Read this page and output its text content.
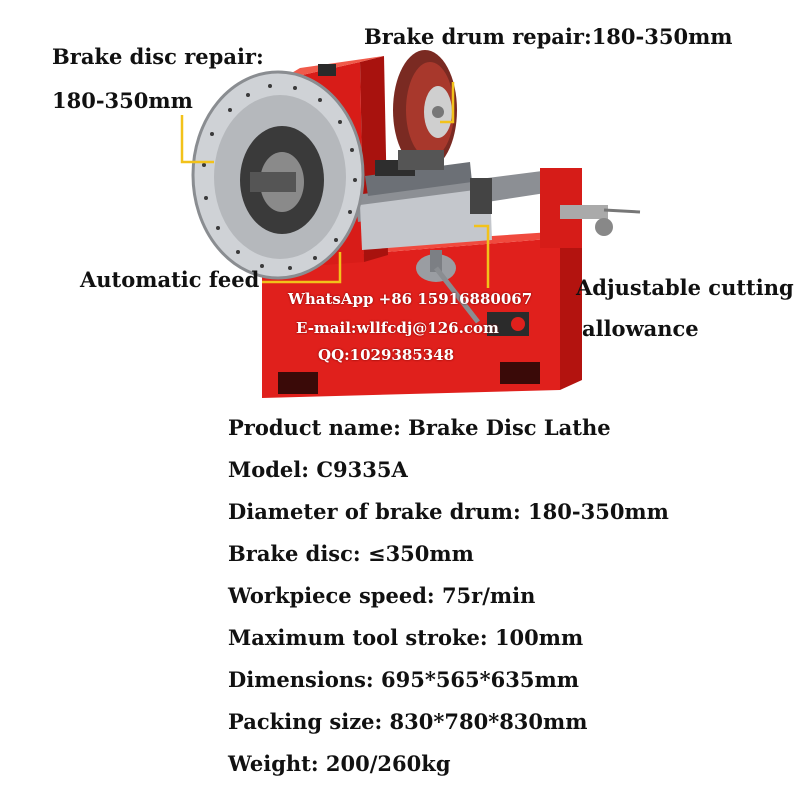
Brake disc repair:
180-350mm
Brake drum repair:180-350mm
Automatic feed	Adjustable cutting
allowance
WhatsApp +86 15916880067
E-mail:wllfcdj@126.com
QQ:1029385348
Product name: Brake Disc Lathe
Model: C9335A
Diameter of brake drum: 180-350mm
Brake disc: ≤350mm
Workpiece speed: 75r/min
Maximum tool stroke: 100mm
Dimensions: 695*565*635mm
Packing size: 830*780*830mm
Weight: 200/260kg
